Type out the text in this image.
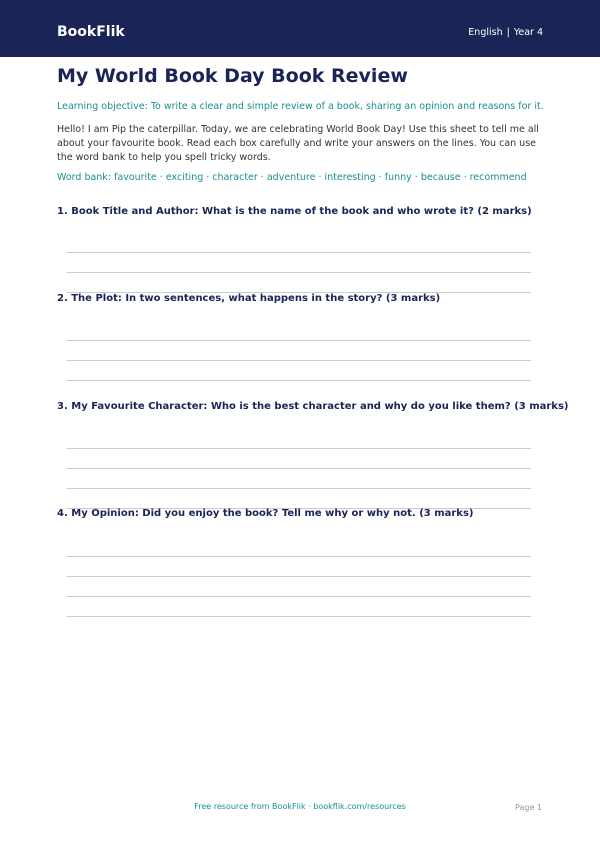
BookFlik	English | Year 4
My World Book Day Book Review
Learning objective: To write a clear and simple review of a book, sharing an opinion and reasons for it.
Hello! I am Pip the caterpillar. Today, we are celebrating World Book Day! Use this sheet to tell me all about your favourite book. Read each box carefully and write your answers on the lines. You can use the word bank to help you spell tricky words.
Word bank: favourite · exciting · character · adventure · interesting · funny · because · recommend
1. Book Title and Author: What is the name of the book and who wrote it? (2 marks)
2. The Plot: In two sentences, what happens in the story? (3 marks)
3. My Favourite Character: Who is the best character and why do you like them? (3 marks)
4. My Opinion: Did you enjoy the book? Tell me why or why not. (3 marks)
Free resource from BookFlik · bookflik.com/resources	Page 1
